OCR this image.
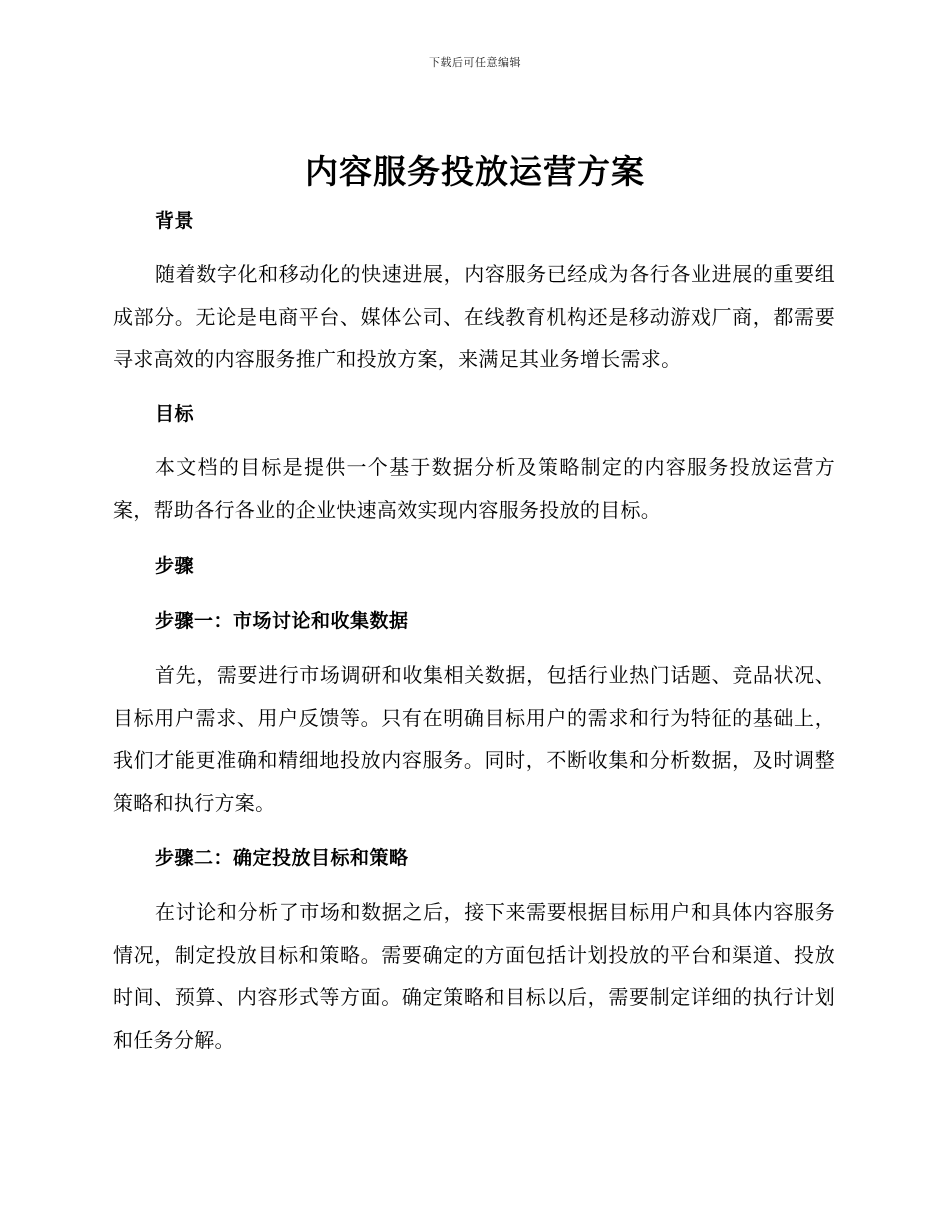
下载后可任意编辑
内容服务投放运营方案
背景
随着数字化和移动化的快速进展，内容服务已经成为各行各业进展的重要组成部分。无论是电商平台、媒体公司、在线教育机构还是移动游戏厂商，都需要寻求高效的内容服务推广和投放方案，来满足其业务增长需求。
目标
本文档的目标是提供一个基于数据分析及策略制定的内容服务投放运营方案，帮助各行各业的企业快速高效实现内容服务投放的目标。
步骤
步骤一：市场讨论和收集数据
首先，需要进行市场调研和收集相关数据，包括行业热门话题、竞品状况、目标用户需求、用户反馈等。只有在明确目标用户的需求和行为特征的基础上，我们才能更准确和精细地投放内容服务。同时，不断收集和分析数据，及时调整策略和执行方案。
步骤二：确定投放目标和策略
在讨论和分析了市场和数据之后，接下来需要根据目标用户和具体内容服务情况，制定投放目标和策略。需要确定的方面包括计划投放的平台和渠道、投放时间、预算、内容形式等方面。确定策略和目标以后，需要制定详细的执行计划和任务分解。
